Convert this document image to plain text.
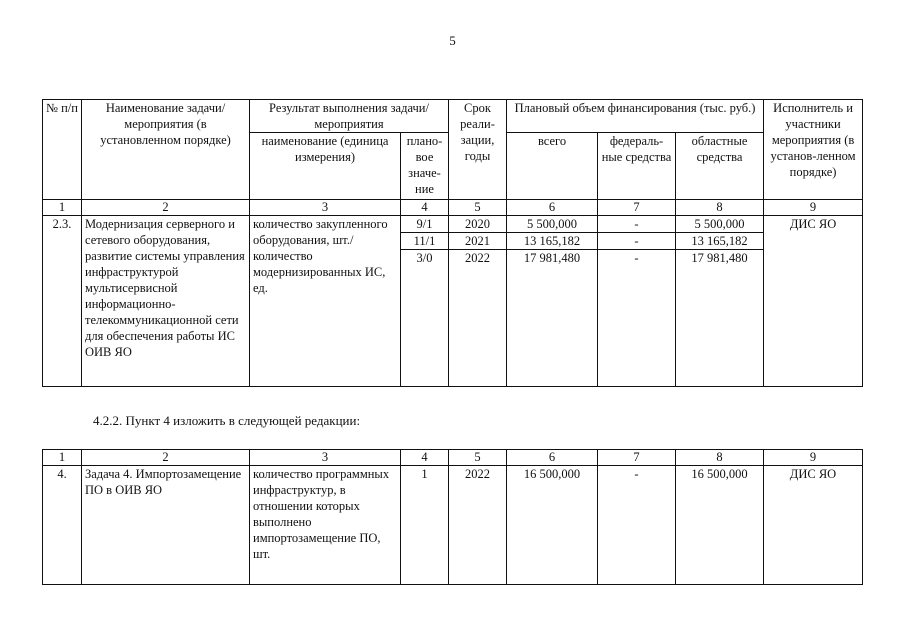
5
№ п/п	Наименование задачи/мероприятия (в установленном порядке)	Результат выполнения задачи/мероприятия		Срок реали-зации, годы	Плановый объем финансирования (тыс. руб.)			Исполнитель и участники мероприятия (в установ-ленном порядке)
		наименование (единица измерения)	плано-вое значе-ние		всего	федераль-ные средства	областные средства	
1	2	3	4	5	6	7	8	9
2.3.	Модернизация серверного и сетевого оборудования, развитие системы управления инфраструктурой мультисервисной информационно-телекоммуникационной сети для обеспечения работы ИС ОИВ ЯО	количество закупленного оборудования, шт./количество модернизированных ИС, ед.	9/1	2020	5 500,000	-	5 500,000	ДИС ЯО
			11/1	2021	13 165,182	-	13 165,182	
			3/0	2022	17 981,480	-	17 981,480	
4.2.2. Пункт 4 изложить в следующей редакции:
1	2	3	4	5	6	7	8	9
4.	Задача 4. Импортозамещение ПО в ОИВ ЯО	количество программных инфраструктур, в отношении которых выполнено импортозамещение ПО, шт.	1	2022	16 500,000	-	16 500,000	ДИС ЯО
